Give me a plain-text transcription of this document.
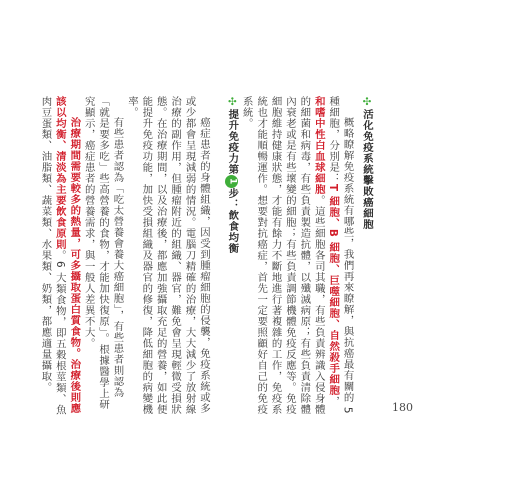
✣活化免疫系統擊敗癌細胞

概略瞭解免疫系統有哪些，我們再來瞭解，與抗癌最有關的 5 種細胞，分別是：T 細胞、B 細胞、巨噬細胞、自然殺手細胞，和嗜中性白血球細胞。這些細胞各司其職，有些負責辨識入侵身體的細菌和病毒，有些負責製造抗體，以殲滅病原；有些負責清除體內衰老或是有些壞變的細胞；有些負責調節機體免疫反應等。免疫細胞維持健康狀態，才能有餘力不斷地進行著複雜的工作，免疫系統也才能順暢運作。想要對抗癌症，首先一定要照顧好自己的免疫系統。

✣提升免疫力第1步：飲食均衡

癌症患者的身體組織，因受到腫瘤細胞的侵襲，免疫系統或多或少都會呈現減弱的情況。電腦刀精確的治療，大大減少了放射線治療的副作用，但腫瘤附近的組織、器官，難免會呈現輕微受損狀態。在治療期間，以及治療後，都應加強攝取充足的營養，如此便能提升免疫功能，加快受損組織及器官的修復，降低細胞的病變機率。

有些患者認為「吃太營養會養大癌細胞」，有些患者則認為「就是要多吃」些高營養的食物，才能加快復原」。根據醫學上研究顯示，癌症患者的營養需求，與一般人差異不大。

治療期間需要較多的熱量，可多攝取蛋白質食物。治療後則應該以均衡、清淡為主要飲食原則。6 大類食物，即五穀根莖類、魚肉豆蛋類、油脂類、蔬菜類、水果類、奶類，都應適量攝取。

180
